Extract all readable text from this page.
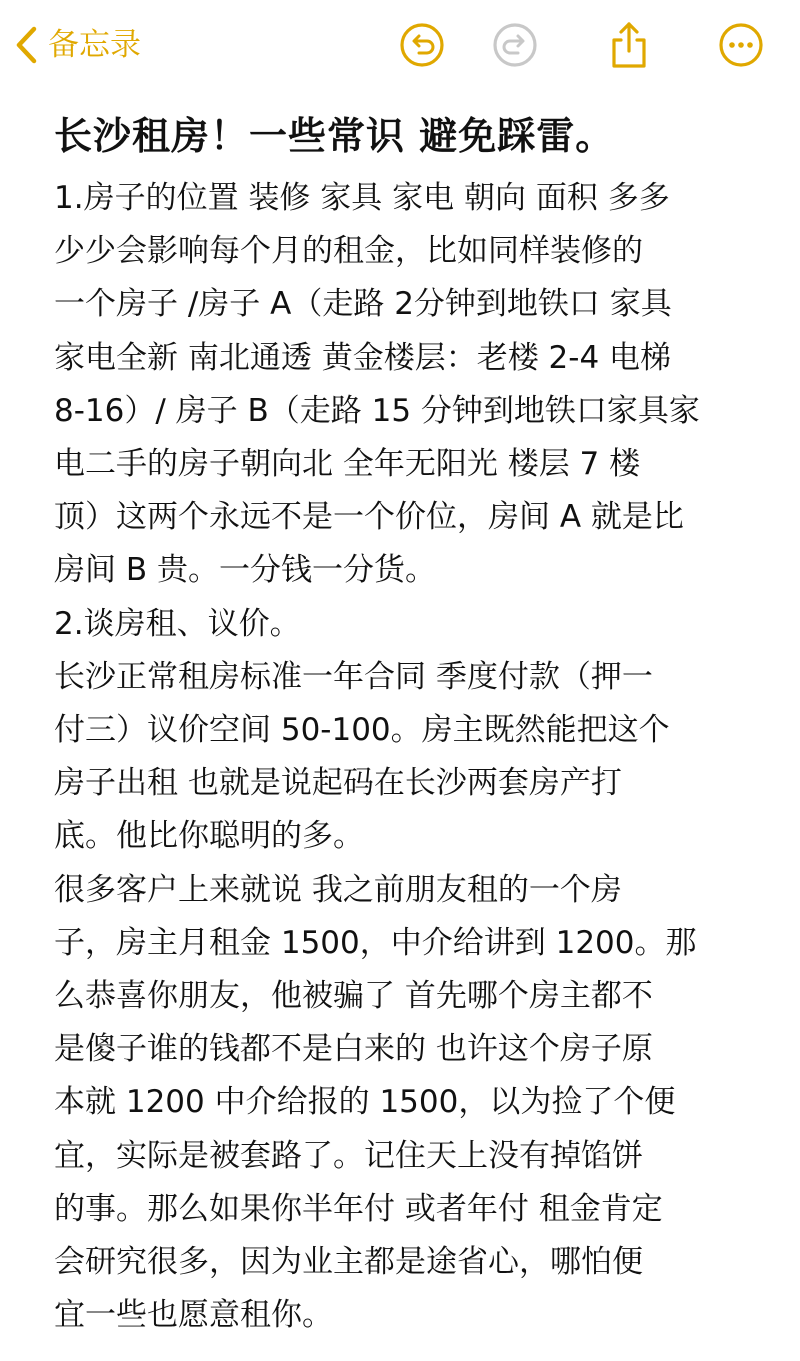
备忘录
长沙租房！一些常识 避免踩雷。

1.房子的位置 装修 家具 家电 朝向 面积 多多

少少会影响每个月的租金，比如同样装修的

一个房子 /房子 A（走路 2分钟到地铁口 家具

家电全新 南北通透 黄金楼层：老楼 2-4 电梯

8-16）/ 房子 B（走路 15 分钟到地铁口家具家

电二手的房子朝向北 全年无阳光 楼层 7 楼

顶）这两个永远不是一个价位，房间 A 就是比

房间 B 贵。一分钱一分货。

2.谈房租、议价。

长沙正常租房标准一年合同 季度付款（押一

付三）议价空间 50-100。房主既然能把这个

房子出租 也就是说起码在长沙两套房产打

底。他比你聪明的多。

很多客户上来就说 我之前朋友租的一个房

子，房主月租金 1500，中介给讲到 1200。那

么恭喜你朋友，他被骗了 首先哪个房主都不

是傻子谁的钱都不是白来的 也许这个房子原

本就 1200 中介给报的 1500，以为捡了个便

宜，实际是被套路了。记住天上没有掉馅饼

的事。那么如果你半年付 或者年付 租金肯定

会研究很多，因为业主都是途省心，哪怕便

宜一些也愿意租你。
